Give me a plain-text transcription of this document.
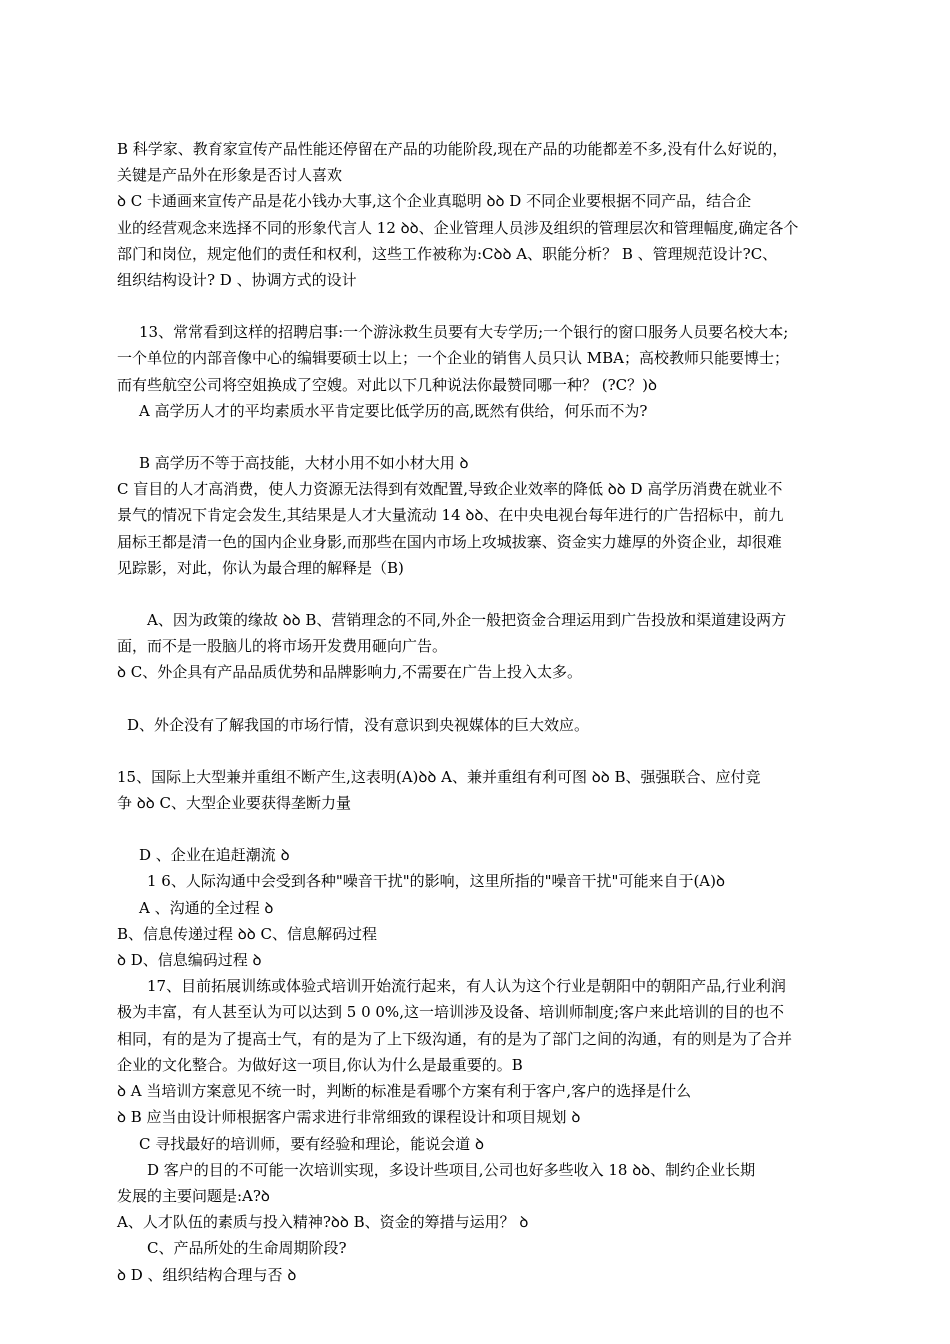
B 科学家、教育家宣传产品性能还停留在产品的功能阶段,现在产品的功能都差不多,没有什么好说的，
关键是产品外在形象是否讨人喜欢
ꝺ C 卡通画来宣传产品是花小钱办大事,这个企业真聪明 ꝺꝺ D 不同企业要根据不同产品，结合企
业的经营观念来选择不同的形象代言人 12 ꝺꝺ、企业管理人员涉及组织的管理层次和管理幅度,确定各个
部门和岗位，规定他们的责任和权利，这些工作被称为:Cꝺꝺ A、职能分析？ B 、管理规范设计?C、
组织结构设计? D 、协调方式的设计
13、常常看到这样的招聘启事:一个游泳救生员要有大专学历;一个银行的窗口服务人员要名校大本;
一个单位的内部音像中心的编辑要硕士以上；一个企业的销售人员只认 MBA；高校教师只能要博士；
而有些航空公司将空姐换成了空嫂。对此以下几种说法你最赞同哪一种？ (?C？)ꝺ
A 高学历人才的平均素质水平肯定要比低学历的高,既然有供给，何乐而不为?
B 高学历不等于高技能，大材小用不如小材大用 ꝺ
C 盲目的人才高消费，使人力资源无法得到有效配置,导致企业效率的降低 ꝺꝺ D 高学历消费在就业不
景气的情况下肯定会发生,其结果是人才大量流动 14 ꝺꝺ、在中央电视台每年进行的广告招标中，前九
届标王都是清一色的国内企业身影,而那些在国内市场上攻城拔寨、资金实力雄厚的外资企业，却很难
见踪影，对此，你认为最合理的解释是（B)
A、因为政策的缘故 ꝺꝺ B、营销理念的不同,外企一般把资金合理运用到广告投放和渠道建设两方
面，而不是一股脑儿的将市场开发费用砸向广告。
ꝺ C、外企具有产品品质优势和品牌影响力,不需要在广告上投入太多。
D、外企没有了解我国的市场行情，没有意识到央视媒体的巨大效应。
15、国际上大型兼并重组不断产生,这表明(A)ꝺꝺ A、兼并重组有利可图 ꝺꝺ B、强强联合、应付竞
争 ꝺꝺ C、大型企业要获得垄断力量
D 、企业在追赶潮流 ꝺ
1 6、人际沟通中会受到各种"噪音干扰"的影响，这里所指的"噪音干扰"可能来自于(A)ꝺ
A 、沟通的全过程 ꝺ
B、信息传递过程 ꝺꝺ C、信息解码过程
ꝺ D、信息编码过程 ꝺ
17、目前拓展训练或体验式培训开始流行起来，有人认为这个行业是朝阳中的朝阳产品,行业利润
极为丰富，有人甚至认为可以达到 5 0 0%,这一培训涉及设备、培训师制度;客户来此培训的目的也不
相同，有的是为了提高士气，有的是为了上下级沟通，有的是为了部门之间的沟通，有的则是为了合并
企业的文化整合。为做好这一项目,你认为什么是最重要的。B
ꝺ A 当培训方案意见不统一时，判断的标准是看哪个方案有利于客户,客户的选择是什么
ꝺ B 应当由设计师根据客户需求进行非常细致的课程设计和项目规划 ꝺ
C 寻找最好的培训师，要有经验和理论，能说会道 ꝺ
D 客户的目的不可能一次培训实现，多设计些项目,公司也好多些收入 18 ꝺꝺ、制约企业长期
发展的主要问题是:A?ꝺ
A、人才队伍的素质与投入精神?ꝺꝺ B、资金的筹措与运用？ ꝺ
C、产品所处的生命周期阶段?
ꝺ D 、组织结构合理与否 ꝺ
